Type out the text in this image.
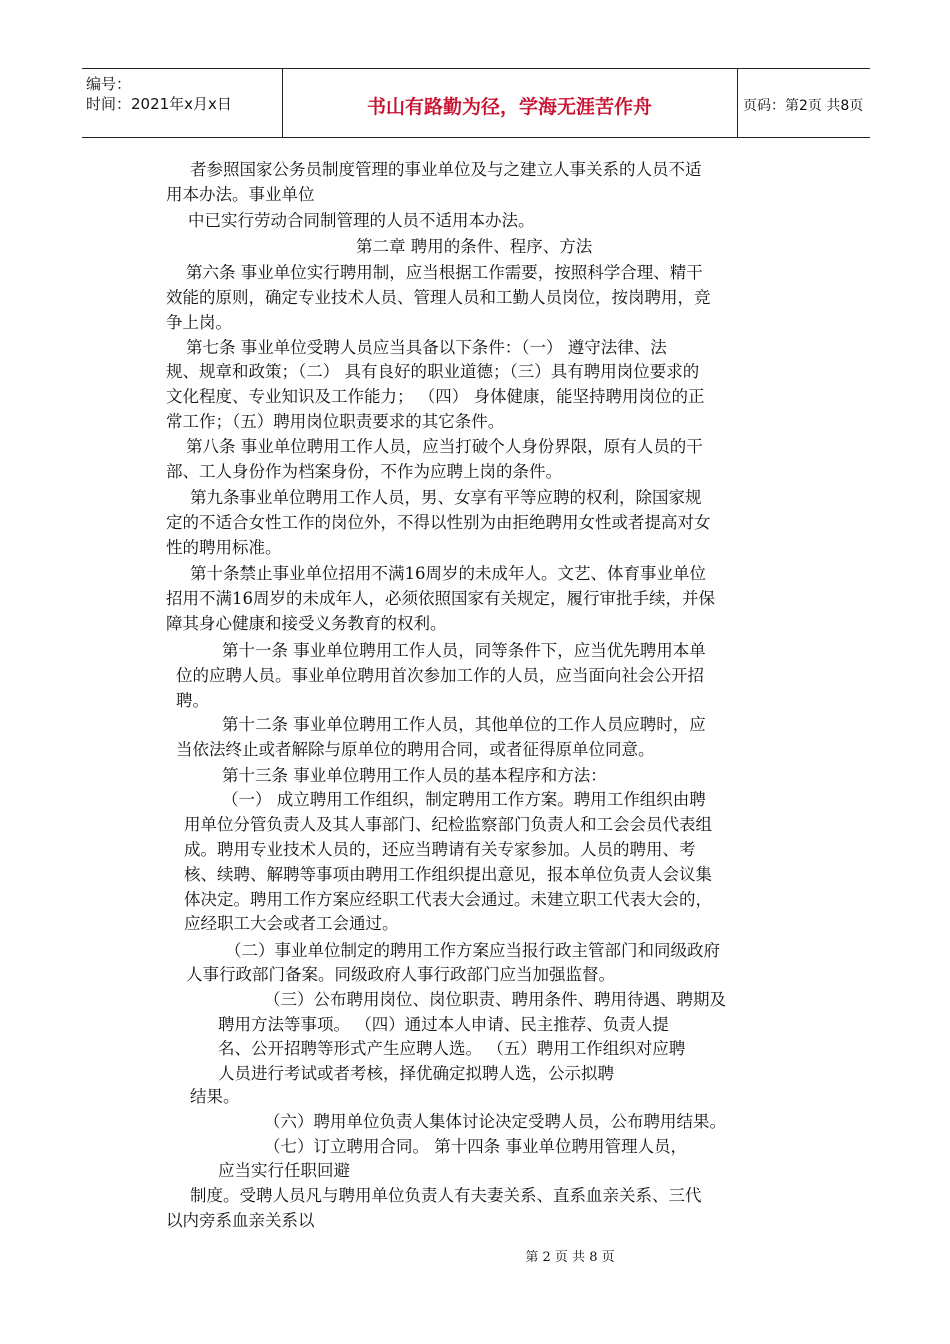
编号：
时间：2021年x月x日	书山有路勤为径，学海无涯苦作舟	页码：第2页 共8页
者参照国家公务员制度管理的事业单位及与之建立人事关系的人员不适
用本办法。事业单位
中已实行劳动合同制管理的人员不适用本办法。
第二章 聘用的条件、程序、方法
第六条 事业单位实行聘用制，应当根据工作需要，按照科学合理、精干
效能的原则，确定专业技术人员、管理人员和工勤人员岗位，按岗聘用，竞
争上岗。
第七条 事业单位受聘人员应当具备以下条件：（一） 遵守法律、法
规、规章和政策；（二） 具有良好的职业道德；（三）具有聘用岗位要求的
文化程度、专业知识及工作能力； （四） 身体健康，能坚持聘用岗位的正
常工作；（五）聘用岗位职责要求的其它条件。
第八条 事业单位聘用工作人员，应当打破个人身份界限，原有人员的干
部、工人身份作为档案身份，不作为应聘上岗的条件。
第九条事业单位聘用工作人员，男、女享有平等应聘的权利，除国家规
定的不适合女性工作的岗位外，不得以性别为由拒绝聘用女性或者提高对女
性的聘用标准。
第十条禁止事业单位招用不满16周岁的未成年人。文艺、体育事业单位
招用不满16周岁的未成年人，必须依照国家有关规定，履行审批手续，并保
障其身心健康和接受义务教育的权利。
第十一条 事业单位聘用工作人员，同等条件下，应当优先聘用本单
位的应聘人员。事业单位聘用首次参加工作的人员，应当面向社会公开招
聘。
第十二条 事业单位聘用工作人员，其他单位的工作人员应聘时，应
当依法终止或者解除与原单位的聘用合同，或者征得原单位同意。
第十三条 事业单位聘用工作人员的基本程序和方法：
（一） 成立聘用工作组织，制定聘用工作方案。聘用工作组织由聘
用单位分管负责人及其人事部门、纪检监察部门负责人和工会会员代表组
成。聘用专业技术人员的，还应当聘请有关专家参加。人员的聘用、考
核、续聘、解聘等事项由聘用工作组织提出意见，报本单位负责人会议集
体决定。聘用工作方案应经职工代表大会通过。未建立职工代表大会的，
应经职工大会或者工会通过。
（二）事业单位制定的聘用工作方案应当报行政主管部门和同级政府
人事行政部门备案。同级政府人事行政部门应当加强监督。
（三）公布聘用岗位、岗位职责、聘用条件、聘用待遇、聘期及
聘用方法等事项。 （四）通过本人申请、民主推荐、负责人提
名、公开招聘等形式产生应聘人选。 （五）聘用工作组织对应聘
人员进行考试或者考核，择优确定拟聘人选，公示拟聘
结果。
（六）聘用单位负责人集体讨论决定受聘人员，公布聘用结果。
（七）订立聘用合同。 第十四条 事业单位聘用管理人员，
应当实行任职回避
制度。受聘人员凡与聘用单位负责人有夫妻关系、直系血亲关系、三代
以内旁系血亲关系以
第 2 页 共 8 页
